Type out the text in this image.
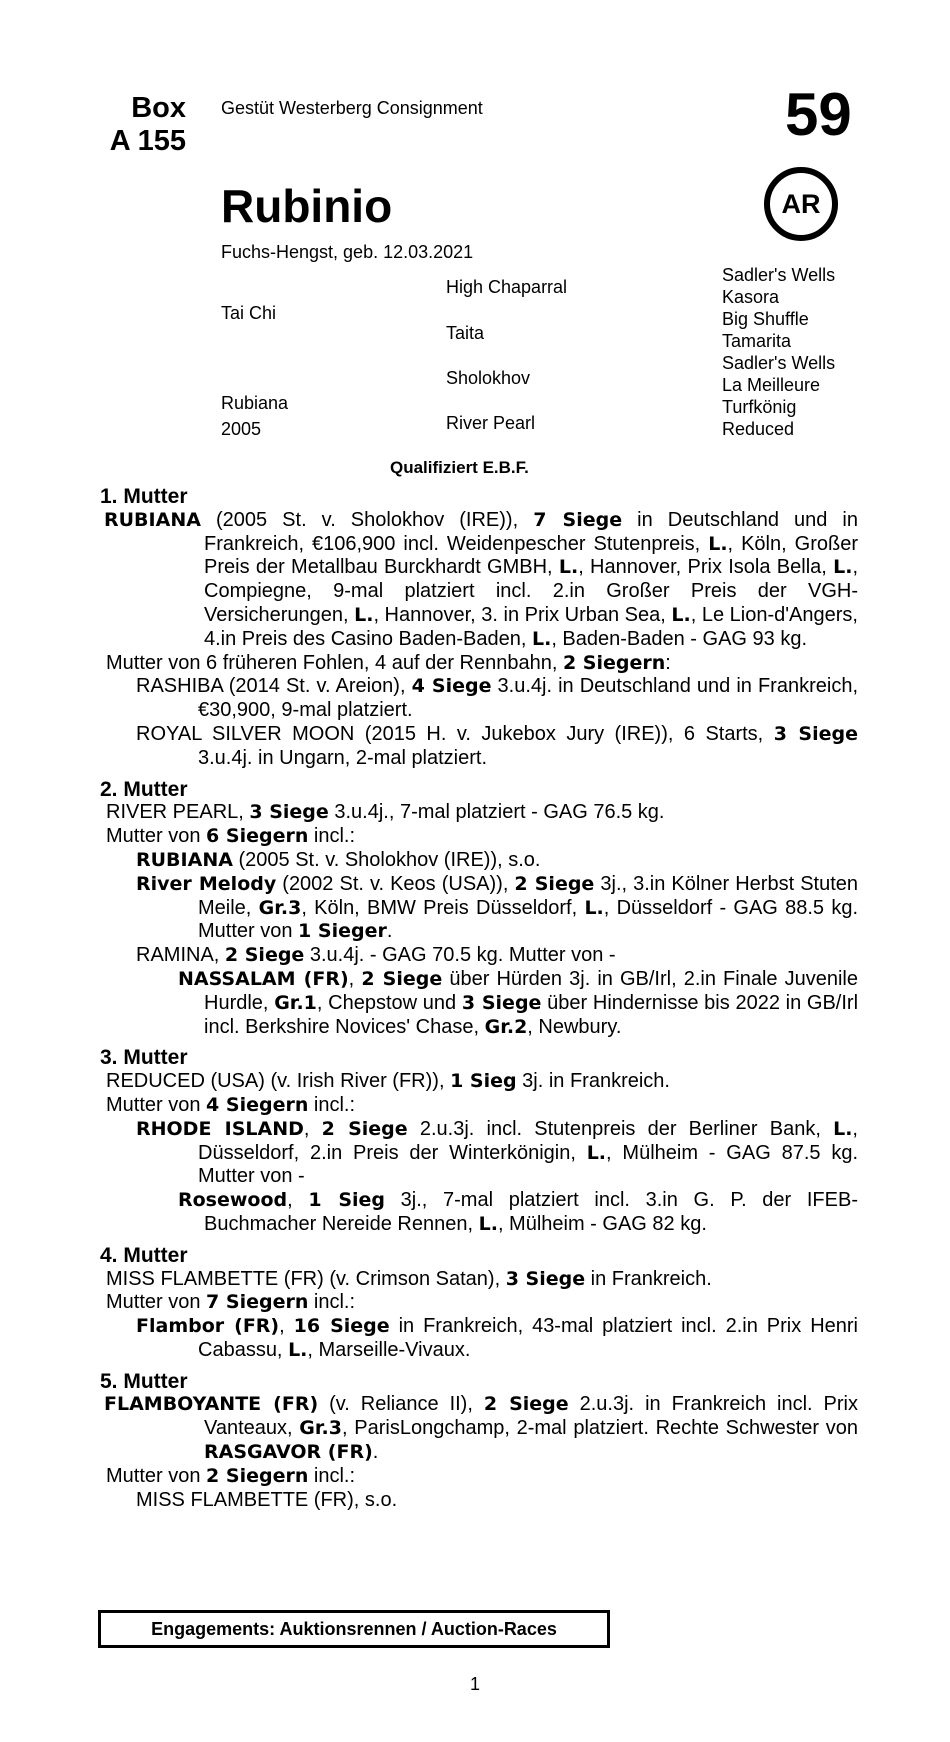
Box
A 155
Gestüt Westerberg Consignment	59
Rubinio	AR
Fuchs-Hengst, geb. 12.03.2021
Tai Chi
Rubiana
2005
High Chaparral
Taita
Sholokhov
River Pearl
Sadler's Wells
Kasora
Big Shuffle
Tamarita
Sadler's Wells
La Meilleure
Turfkönig
Reduced
Qualifiziert E.B.F.
1. Mutter
RUBIANA (2005 St. v. Sholokhov (IRE)), 7 Siege in Deutschland und in Frankreich, €106,900 incl. Weidenpescher Stutenpreis, L., Köln, Großer Preis der Metallbau Burckhardt GMBH, L., Hannover, Prix Isola Bella, L., Compiegne, 9-mal platziert incl. 2.in Großer Preis der VGH-Versicherungen, L., Hannover, 3. in Prix Urban Sea, L., Le Lion-d'Angers, 4.in Preis des Casino Baden-Baden, L., Baden-Baden - GAG 93 kg.
Mutter von 6 früheren Fohlen, 4 auf der Rennbahn, 2 Siegern:
RASHIBA (2014 St. v. Areion), 4 Siege 3.u.4j. in Deutschland und in Frankreich, €30,900, 9-mal platziert.
ROYAL SILVER MOON (2015 H. v. Jukebox Jury (IRE)), 6 Starts, 3 Siege 3.u.4j. in Ungarn, 2-mal platziert.
2. Mutter
RIVER PEARL, 3 Siege 3.u.4j., 7-mal platziert - GAG 76.5 kg.
Mutter von 6 Siegern incl.:
RUBIANA (2005 St. v. Sholokhov (IRE)), s.o.
River Melody (2002 St. v. Keos (USA)), 2 Siege 3j., 3.in Kölner Herbst Stuten Meile, Gr.3, Köln, BMW Preis Düsseldorf, L., Düsseldorf - GAG 88.5 kg. Mutter von 1 Sieger.
RAMINA, 2 Siege 3.u.4j. - GAG 70.5 kg. Mutter von -
NASSALAM (FR), 2 Siege über Hürden 3j. in GB/Irl, 2.in Finale Juvenile Hurdle, Gr.1, Chepstow und 3 Siege über Hindernisse bis 2022 in GB/Irl incl. Berkshire Novices' Chase, Gr.2, Newbury.
3. Mutter
REDUCED (USA) (v. Irish River (FR)), 1 Sieg 3j. in Frankreich.
Mutter von 4 Siegern incl.:
RHODE ISLAND, 2 Siege 2.u.3j. incl. Stutenpreis der Berliner Bank, L., Düsseldorf, 2.in Preis der Winterkönigin, L., Mülheim - GAG 87.5 kg. Mutter von -
Rosewood, 1 Sieg 3j., 7-mal platziert incl. 3.in G. P. der IFEB-Buchmacher Nereide Rennen, L., Mülheim - GAG 82 kg.
4. Mutter
MISS FLAMBETTE (FR) (v. Crimson Satan), 3 Siege in Frankreich.
Mutter von 7 Siegern incl.:
Flambor (FR), 16 Siege in Frankreich, 43-mal platziert incl. 2.in Prix Henri Cabassu, L., Marseille-Vivaux.
5. Mutter
FLAMBOYANTE (FR) (v. Reliance II), 2 Siege 2.u.3j. in Frankreich incl. Prix Vanteaux, Gr.3, ParisLongchamp, 2-mal platziert. Rechte Schwester von RASGAVOR (FR).
Mutter von 2 Siegern incl.:
MISS FLAMBETTE (FR), s.o.
Engagements: Auktionsrennen / Auction-Races
1
